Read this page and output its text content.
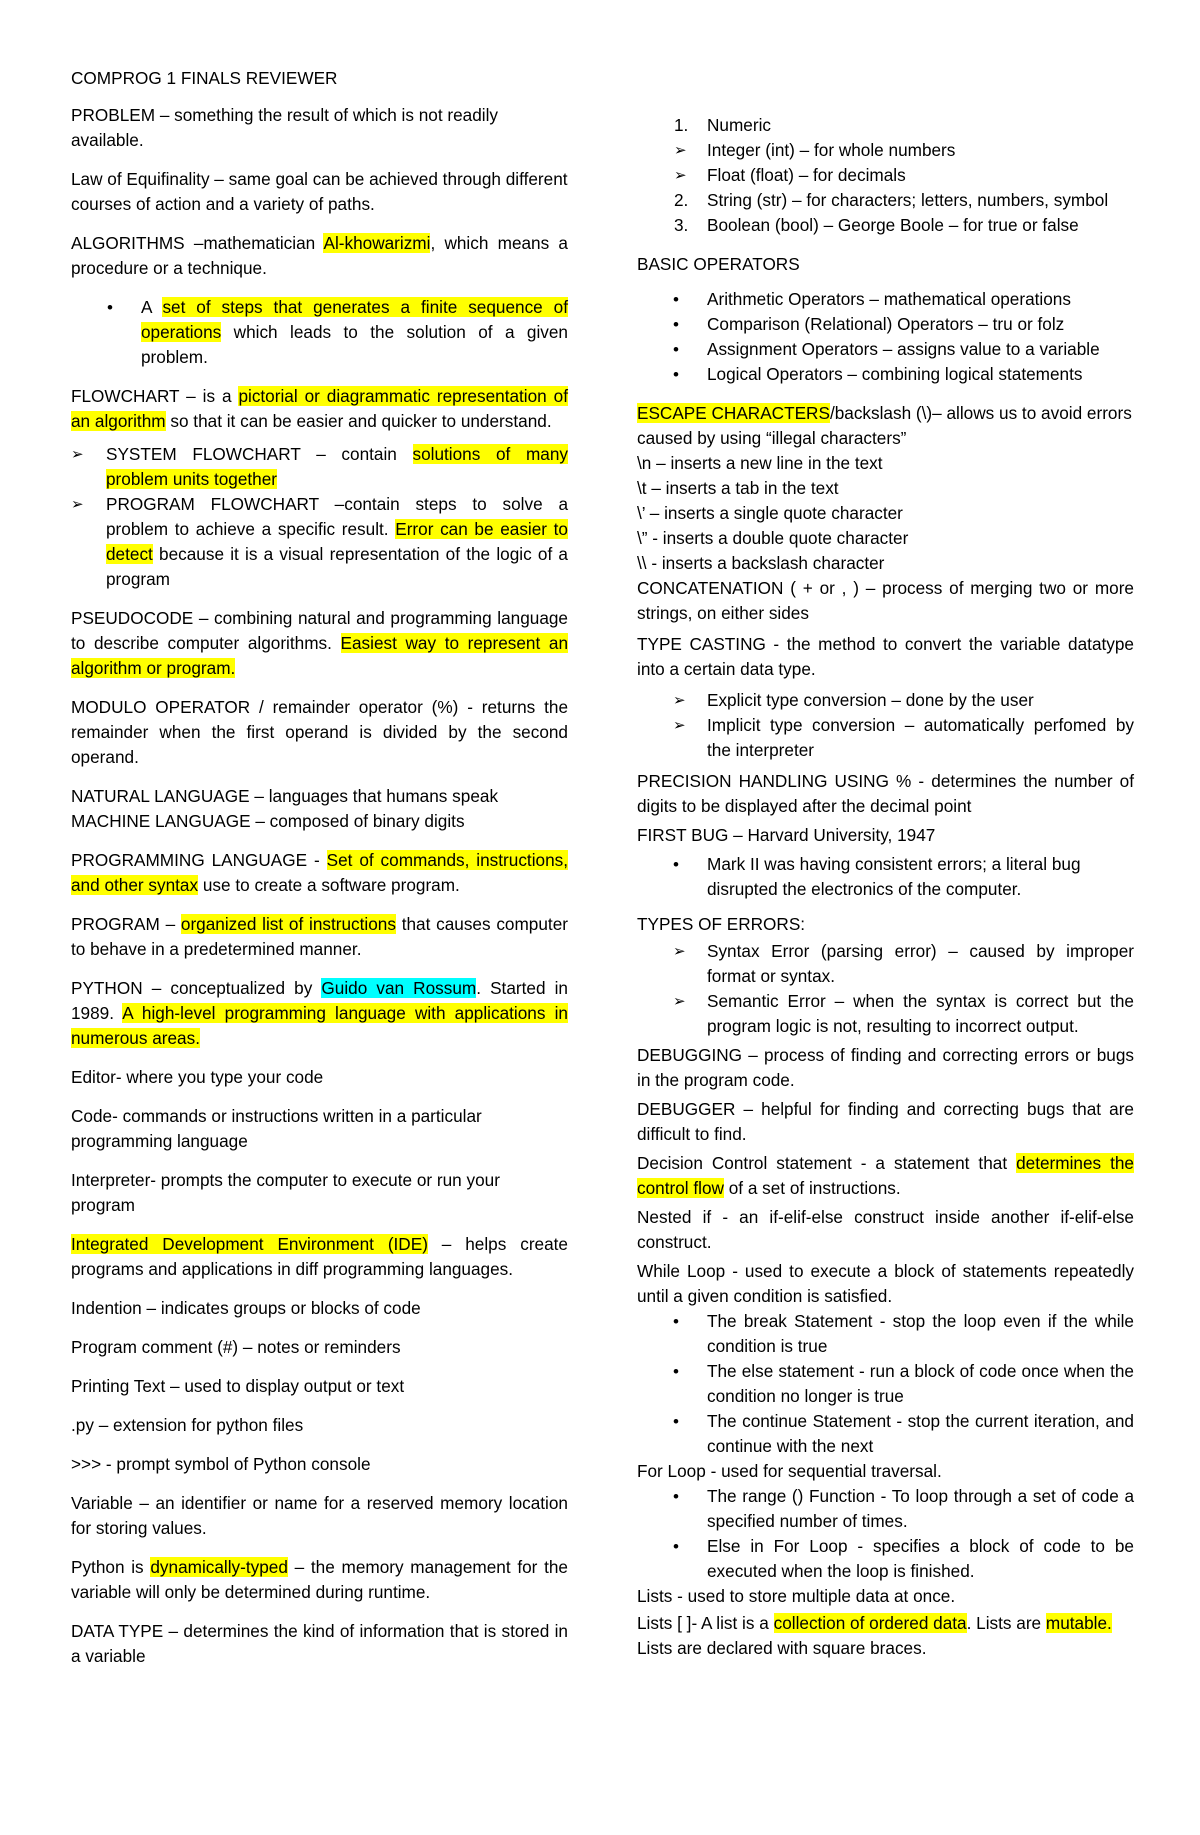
COMPROG 1 FINALS REVIEWER

PROBLEM – something the result of which is not readily available.

Law of Equifinality – same goal can be achieved through different courses of action and a variety of paths.

ALGORITHMS –mathematician Al-khowarizmi, which means a procedure or a technique.

• A set of steps that generates a finite sequence of operations which leads to the solution of a given problem.

FLOWCHART – is a pictorial or diagrammatic representation of an algorithm so that it can be easier and quicker to understand.

➢ SYSTEM FLOWCHART – contain solutions of many problem units together
➢ PROGRAM FLOWCHART –contain steps to solve a problem to achieve a specific result. Error can be easier to detect because it is a visual representation of the logic of a program

PSEUDOCODE – combining natural and programming language to describe computer algorithms. Easiest way to represent an algorithm or program.

MODULO OPERATOR / remainder operator (%) - returns the remainder when the first operand is divided by the second operand.

NATURAL LANGUAGE – languages that humans speak
MACHINE LANGUAGE – composed of binary digits

PROGRAMMING LANGUAGE - Set of commands, instructions, and other syntax use to create a software program.

PROGRAM – organized list of instructions that causes computer to behave in a predetermined manner.

PYTHON – conceptualized by Guido van Rossum. Started in 1989. A high-level programming language with applications in numerous areas.

Editor- where you type your code

Code- commands or instructions written in a particular programming language

Interpreter- prompts the computer to execute or run your program

Integrated Development Environment (IDE) – helps create programs and applications in diff programming languages.

Indention – indicates groups or blocks of code

Program comment (#) – notes or reminders

Printing Text – used to display output or text

.py – extension for python files

>>> - prompt symbol of Python console

Variable – an identifier or name for a reserved memory location for storing values.

Python is dynamically-typed – the memory management for the variable will only be determined during runtime.

DATA TYPE – determines the kind of information that is stored in a variable

1. Numeric
➢ Integer (int) – for whole numbers
➢ Float (float) – for decimals
2. String (str) – for characters; letters, numbers, symbol
3. Boolean (bool) – George Boole – for true or false

BASIC OPERATORS

• Arithmetic Operators – mathematical operations
• Comparison (Relational) Operators – tru or folz
• Assignment Operators – assigns value to a variable
• Logical Operators – combining logical statements
ESCAPE CHARACTERS/backslash (\)– allows us to avoid errors caused by using “illegal characters”
\n – inserts a new line in the text
\t – inserts a tab in the text
\’ – inserts a single quote character
\” - inserts a double quote character
\\ - inserts a backslash character

CONCATENATION ( + or , ) – process of merging two or more strings, on either sides

TYPE CASTING - the method to convert the variable datatype into a certain data type.

➢ Explicit type conversion – done by the user
➢ Implicit type conversion – automatically perfomed by the interpreter

PRECISION HANDLING USING % - determines the number of digits to be displayed after the decimal point

FIRST BUG – Harvard University, 1947

• Mark II was having consistent errors; a literal bug disrupted the electronics of the computer.

TYPES OF ERRORS:

➢ Syntax Error (parsing error) – caused by improper format or syntax.
➢ Semantic Error – when the syntax is correct but the program logic is not, resulting to incorrect output.

DEBUGGING – process of finding and correcting errors or bugs in the program code.

DEBUGGER – helpful for finding and correcting bugs that are difficult to find.

Decision Control statement - a statement that determines the control flow of a set of instructions.

Nested if - an if-elif-else construct inside another if-elif-else construct.

While Loop - used to execute a block of statements repeatedly until a given condition is satisfied.

• The break Statement - stop the loop even if the while condition is true
• The else statement - run a block of code once when the condition no longer is true
• The continue Statement - stop the current iteration, and continue with the next

For Loop - used for sequential traversal.

• The range () Function - To loop through a set of code a specified number of times.
• Else in For Loop - specifies a block of code to be executed when the loop is finished.

Lists - used to store multiple data at once.

Lists [ ]- A list is a collection of ordered data. Lists are mutable. Lists are declared with square braces.
